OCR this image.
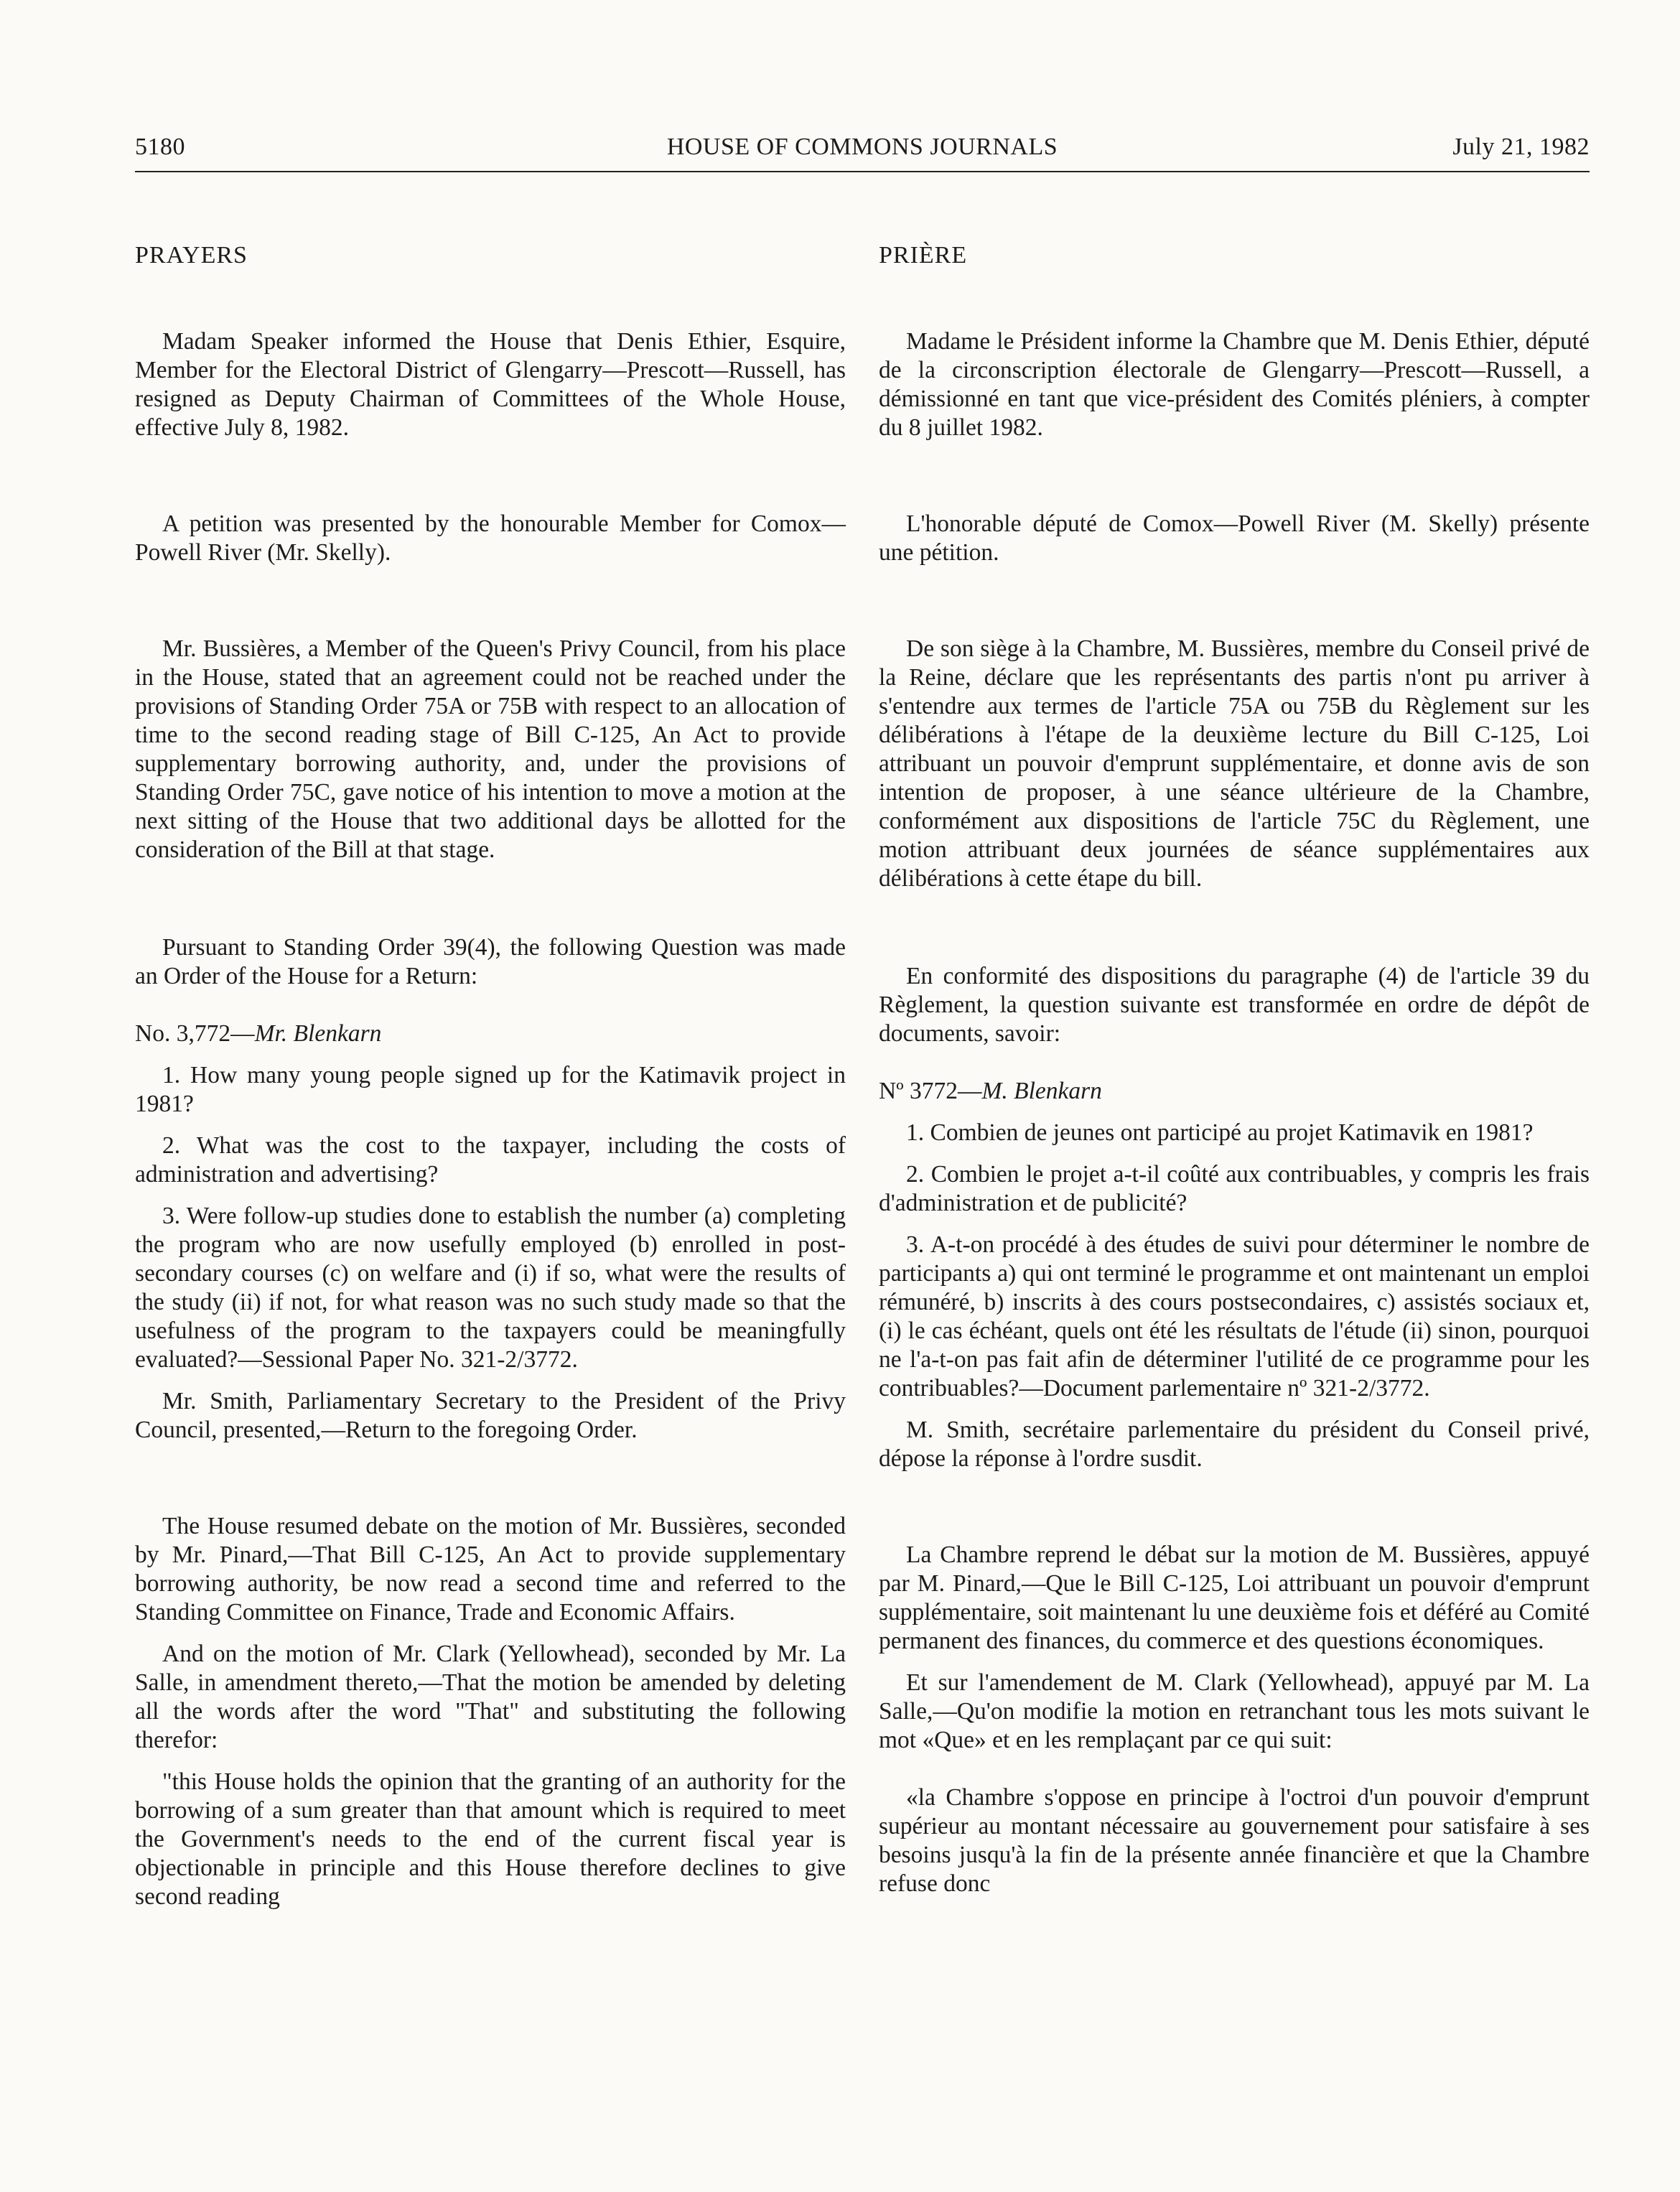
5180	HOUSE OF COMMONS JOURNALS	July 21, 1982
PRAYERS

Madam Speaker informed the House that Denis Ethier, Esquire, Member for the Electoral District of Glengarry—Prescott—Russell, has resigned as Deputy Chairman of Committees of the Whole House, effective July 8, 1982.

A petition was presented by the honourable Member for Comox—Powell River (Mr. Skelly).

Mr. Bussières, a Member of the Queen's Privy Council, from his place in the House, stated that an agreement could not be reached under the provisions of Standing Order 75A or 75B with respect to an allocation of time to the second reading stage of Bill C-125, An Act to provide supplementary borrowing authority, and, under the provisions of Standing Order 75C, gave notice of his intention to move a motion at the next sitting of the House that two additional days be allotted for the consideration of the Bill at that stage.

Pursuant to Standing Order 39(4), the following Question was made an Order of the House for a Return:

No. 3,772—Mr. Blenkarn

1. How many young people signed up for the Katimavik project in 1981?

2. What was the cost to the taxpayer, including the costs of administration and advertising?

3. Were follow-up studies done to establish the number (a) completing the program who are now usefully employed (b) enrolled in post-secondary courses (c) on welfare and (i) if so, what were the results of the study (ii) if not, for what reason was no such study made so that the usefulness of the program to the taxpayers could be meaningfully evaluated?—Sessional Paper No. 321-2/3772.

Mr. Smith, Parliamentary Secretary to the President of the Privy Council, presented,—Return to the foregoing Order.

The House resumed debate on the motion of Mr. Bussières, seconded by Mr. Pinard,—That Bill C-125, An Act to provide supplementary borrowing authority, be now read a second time and referred to the Standing Committee on Finance, Trade and Economic Affairs.

And on the motion of Mr. Clark (Yellowhead), seconded by Mr. La Salle, in amendment thereto,—That the motion be amended by deleting all the words after the word "That" and substituting the following therefor:

"this House holds the opinion that the granting of an authority for the borrowing of a sum greater than that amount which is required to meet the Government's needs to the end of the current fiscal year is objectionable in principle and this House therefore declines to give second reading

PRIÈRE

Madame le Président informe la Chambre que M. Denis Ethier, député de la circonscription électorale de Glengarry—Prescott—Russell, a démissionné en tant que vice-président des Comités pléniers, à compter du 8 juillet 1982.

L'honorable député de Comox—Powell River (M. Skelly) présente une pétition.

De son siège à la Chambre, M. Bussières, membre du Conseil privé de la Reine, déclare que les représentants des partis n'ont pu arriver à s'entendre aux termes de l'article 75A ou 75B du Règlement sur les délibérations à l'étape de la deuxième lecture du Bill C-125, Loi attribuant un pouvoir d'emprunt supplémentaire, et donne avis de son intention de proposer, à une séance ultérieure de la Chambre, conformément aux dispositions de l'article 75C du Règlement, une motion attribuant deux journées de séance supplémentaires aux délibérations à cette étape du bill.

En conformité des dispositions du paragraphe (4) de l'article 39 du Règlement, la question suivante est transformée en ordre de dépôt de documents, savoir:

Nº 3772—M. Blenkarn

1. Combien de jeunes ont participé au projet Katimavik en 1981?

2. Combien le projet a-t-il coûté aux contribuables, y compris les frais d'administration et de publicité?

3. A-t-on procédé à des études de suivi pour déterminer le nombre de participants a) qui ont terminé le programme et ont maintenant un emploi rémunéré, b) inscrits à des cours postsecondaires, c) assistés sociaux et, (i) le cas échéant, quels ont été les résultats de l'étude (ii) sinon, pourquoi ne l'a-t-on pas fait afin de déterminer l'utilité de ce programme pour les contribuables?—Document parlementaire nº 321-2/3772.

M. Smith, secrétaire parlementaire du président du Conseil privé, dépose la réponse à l'ordre susdit.

La Chambre reprend le débat sur la motion de M. Bussières, appuyé par M. Pinard,—Que le Bill C-125, Loi attribuant un pouvoir d'emprunt supplémentaire, soit maintenant lu une deuxième fois et déféré au Comité permanent des finances, du commerce et des questions économiques.

Et sur l'amendement de M. Clark (Yellowhead), appuyé par M. La Salle,—Qu'on modifie la motion en retranchant tous les mots suivant le mot «Que» et en les remplaçant par ce qui suit:

«la Chambre s'oppose en principe à l'octroi d'un pouvoir d'emprunt supérieur au montant nécessaire au gouvernement pour satisfaire à ses besoins jusqu'à la fin de la présente année financière et que la Chambre refuse donc
